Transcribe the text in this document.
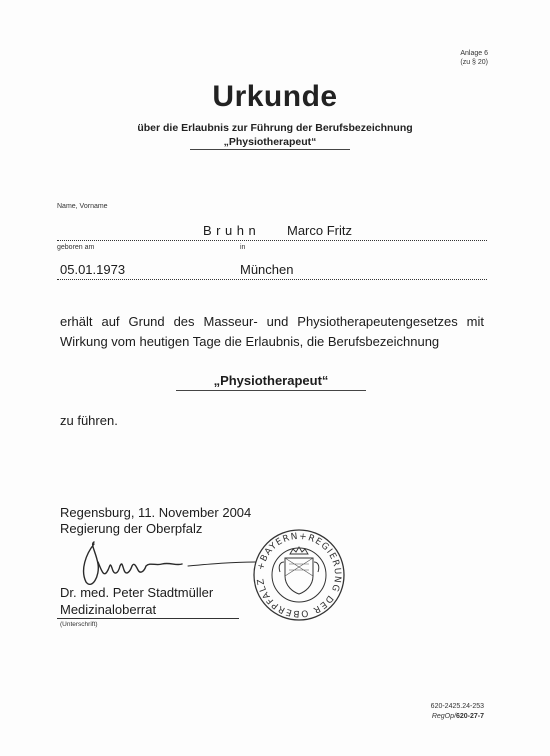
Anlage 6
(zu § 20)
Urkunde
über die Erlaubnis zur Führung der Berufsbezeichnung
„Physiotherapeut“
Name, Vorname
Bruhn Marco Fritz
geboren am	in
05.01.1973	München
erhält auf Grund des Masseur- und Physiotherapeutengesetzes mit Wirkung vom heutigen Tage die Erlaubnis, die Berufsbezeichnung
„Physiotherapeut“
zu führen.
Regensburg, 11. November 2004
Regierung der Oberpfalz
Dr. med. Peter Stadtmüller
Medizinaloberrat
(Unterschrift)
+BAYERN+REGIERUNG DER OBERPFALZ
620-2425.24-253
RegOp/620-27-7
